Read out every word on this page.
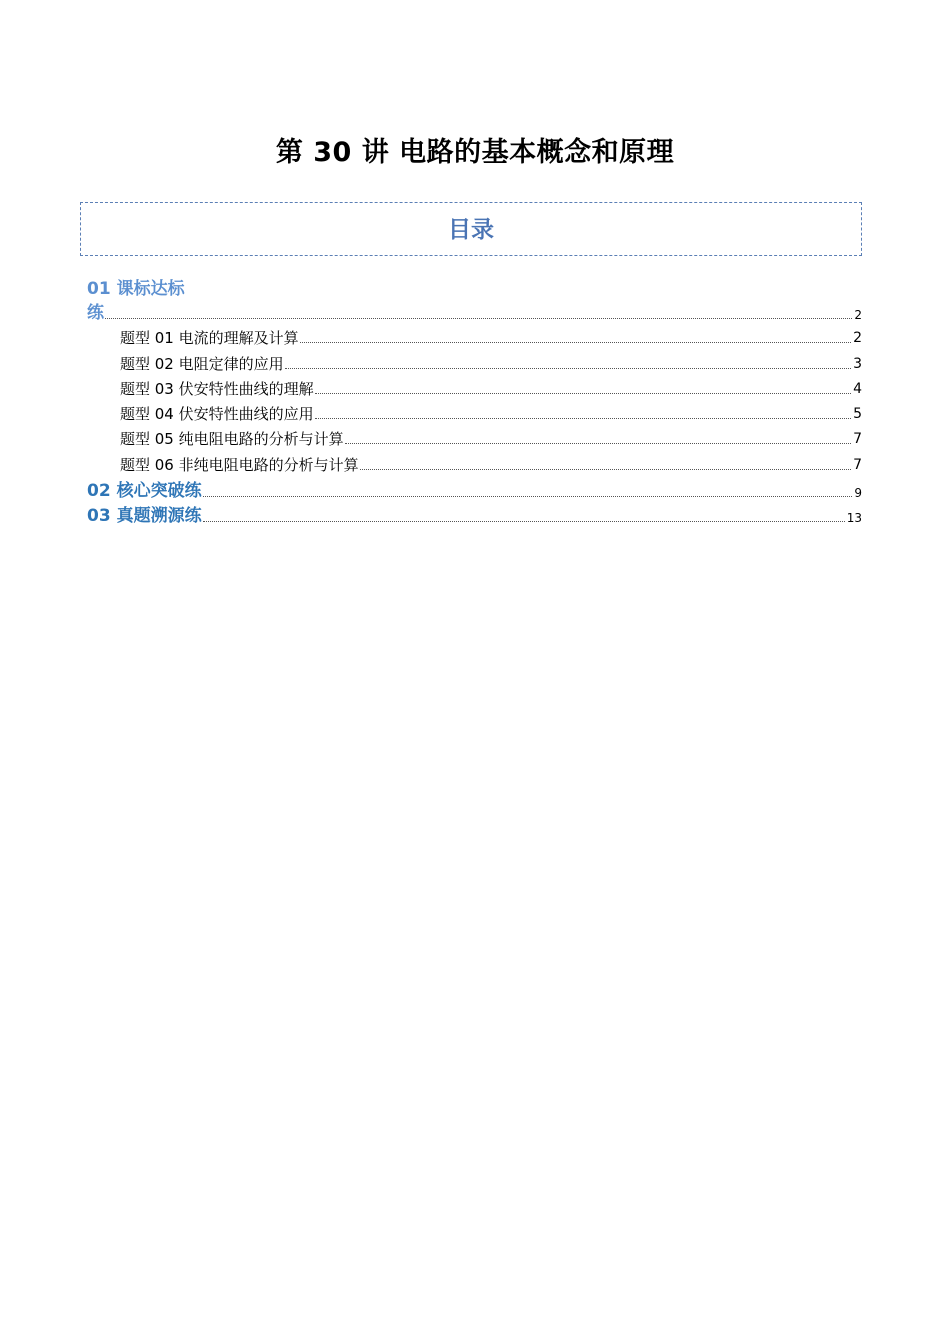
第 30 讲 电路的基本概念和原理
目录
01 课标达标
练	2
题型 01 电流的理解及计算	2
题型 02 电阻定律的应用	3
题型 03 伏安特性曲线的理解	4
题型 04 伏安特性曲线的应用	5
题型 05 纯电阻电路的分析与计算	7
题型 06 非纯电阻电路的分析与计算	7
02 核心突破练	9
03 真题溯源练	13
